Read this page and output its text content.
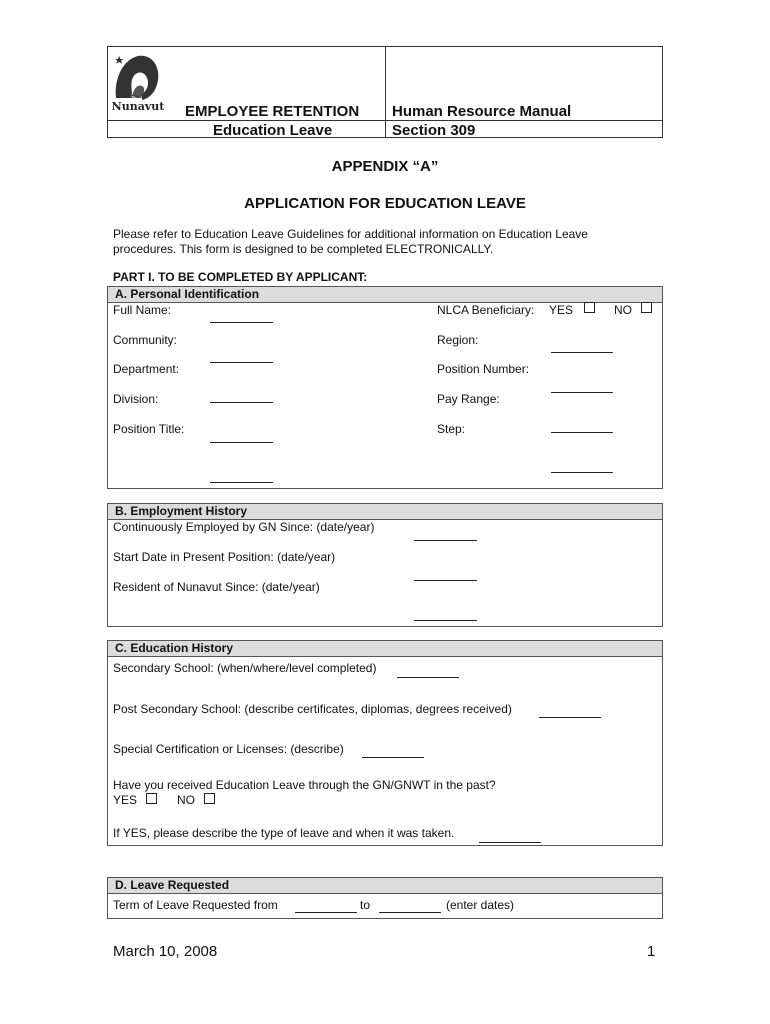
ᓄᓇᕗᑦ
Nunavut EMPLOYEE RETENTION
Education Leave
Human Resource Manual
Section 309
APPENDIX “A”
APPLICATION FOR EDUCATION LEAVE
Please refer to Education Leave Guidelines for additional information on Education Leave
procedures. This form is designed to be completed ELECTRONICALLY.
PART I. TO BE COMPLETED BY APPLICANT:
A. Personal Identification
Full Name:
Community:
Department:
Division:
Position Title:
NLCA Beneficiary: YES	NO
Region:
Position Number:
Pay Range:
Step:
B. Employment History
Continuously Employed by GN Since: (date/year)
Start Date in Present Position: (date/year)
Resident of Nunavut Since: (date/year)
C. Education History
Secondary School: (when/where/level completed)
Post Secondary School: (describe certificates, diplomas, degrees received)
Special Certification or Licenses: (describe)
Have you received Education Leave through the GN/GNWT in the past?
YES	NO
If YES, please describe the type of leave and when it was taken.
D. Leave Requested
Term of Leave Requested from	to	(enter dates)
March 10, 2008	1
